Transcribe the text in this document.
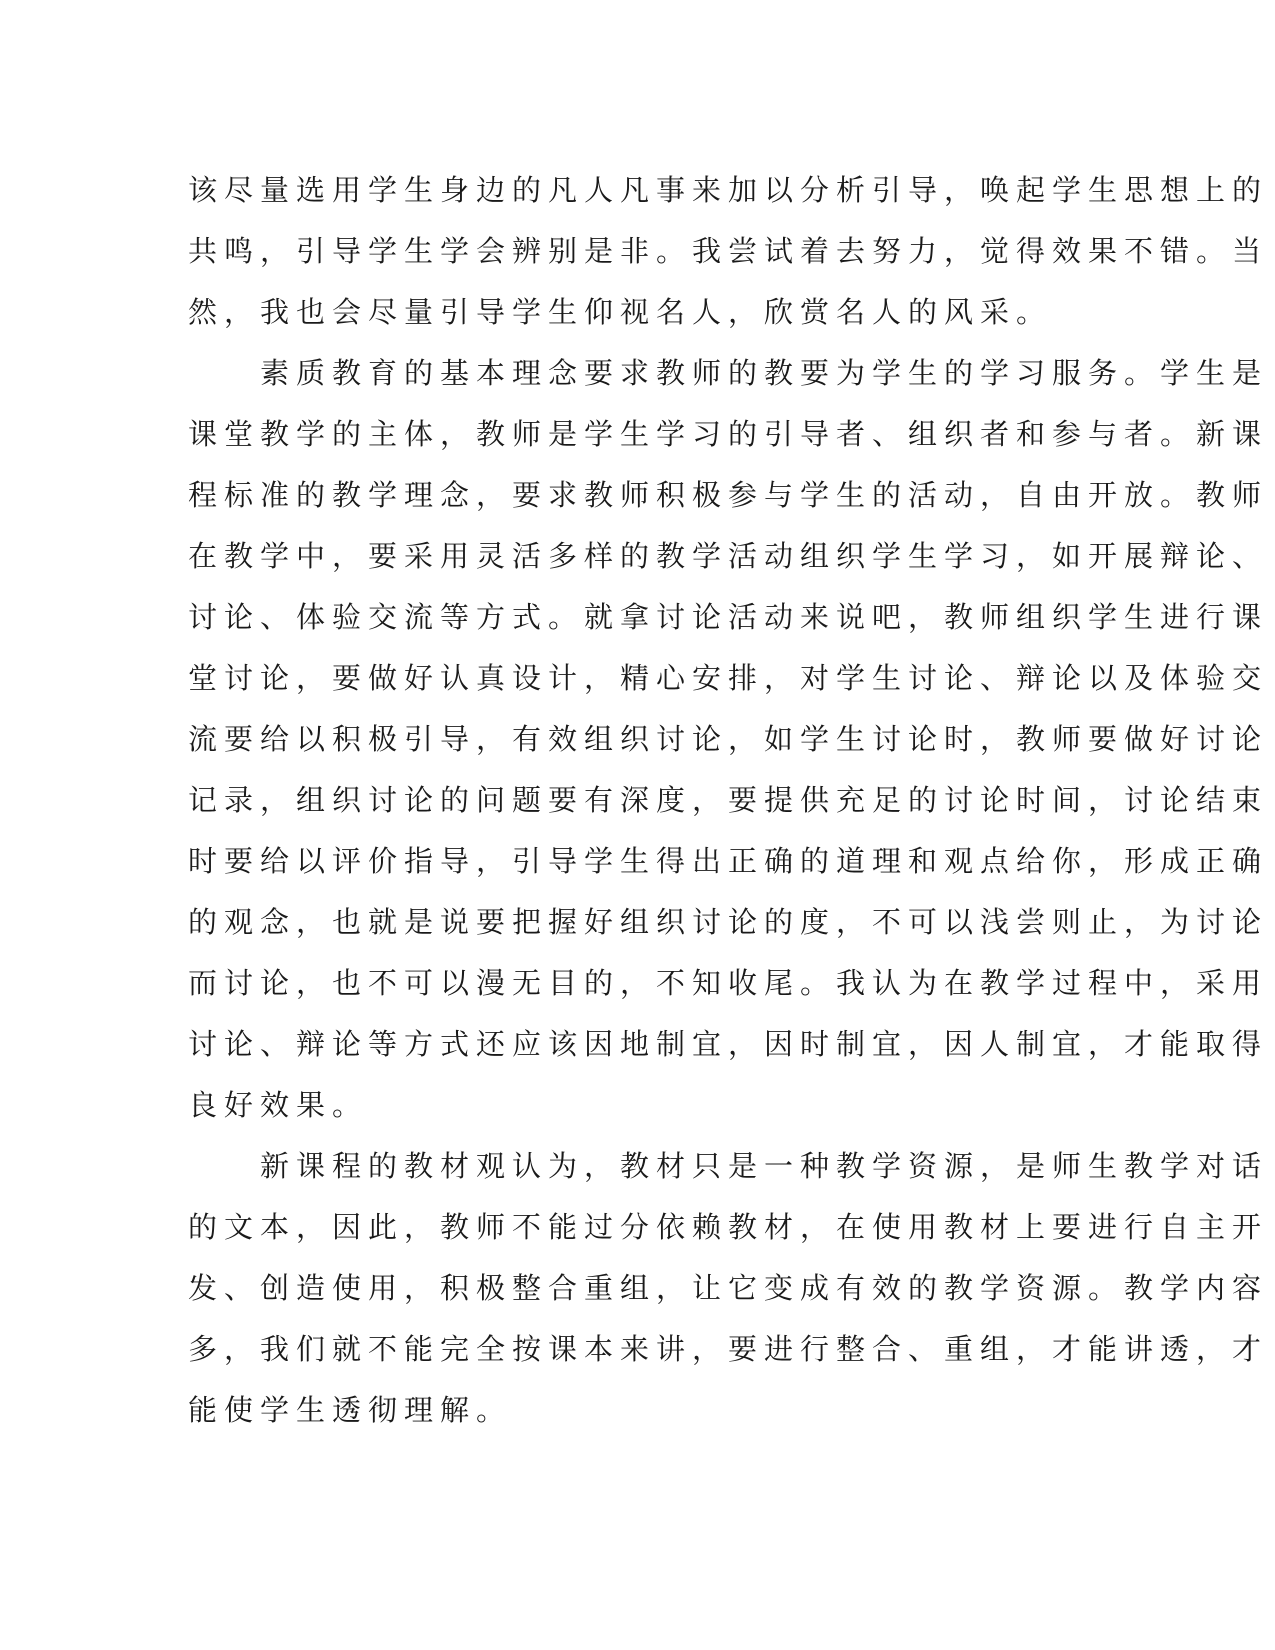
该尽量选用学生身边的凡人凡事来加以分析引导，唤起学生思想上的
共鸣，引导学生学会辨别是非。我尝试着去努力，觉得效果不错。当
然，我也会尽量引导学生仰视名人，欣赏名人的风采。
　　素质教育的基本理念要求教师的教要为学生的学习服务。学生是
课堂教学的主体，教师是学生学习的引导者、组织者和参与者。新课
程标准的教学理念，要求教师积极参与学生的活动，自由开放。教师
在教学中，要采用灵活多样的教学活动组织学生学习，如开展辩论、
讨论、体验交流等方式。就拿讨论活动来说吧，教师组织学生进行课
堂讨论，要做好认真设计，精心安排，对学生讨论、辩论以及体验交
流要给以积极引导，有效组织讨论，如学生讨论时，教师要做好讨论
记录，组织讨论的问题要有深度，要提供充足的讨论时间，讨论结束
时要给以评价指导，引导学生得出正确的道理和观点给你，形成正确
的观念，也就是说要把握好组织讨论的度，不可以浅尝则止，为讨论
而讨论，也不可以漫无目的，不知收尾。我认为在教学过程中，采用
讨论、辩论等方式还应该因地制宜，因时制宜，因人制宜，才能取得
良好效果。
　　新课程的教材观认为，教材只是一种教学资源，是师生教学对话
的文本，因此，教师不能过分依赖教材，在使用教材上要进行自主开
发、创造使用，积极整合重组，让它变成有效的教学资源。教学内容
多，我们就不能完全按课本来讲，要进行整合、重组，才能讲透，才
能使学生透彻理解。
